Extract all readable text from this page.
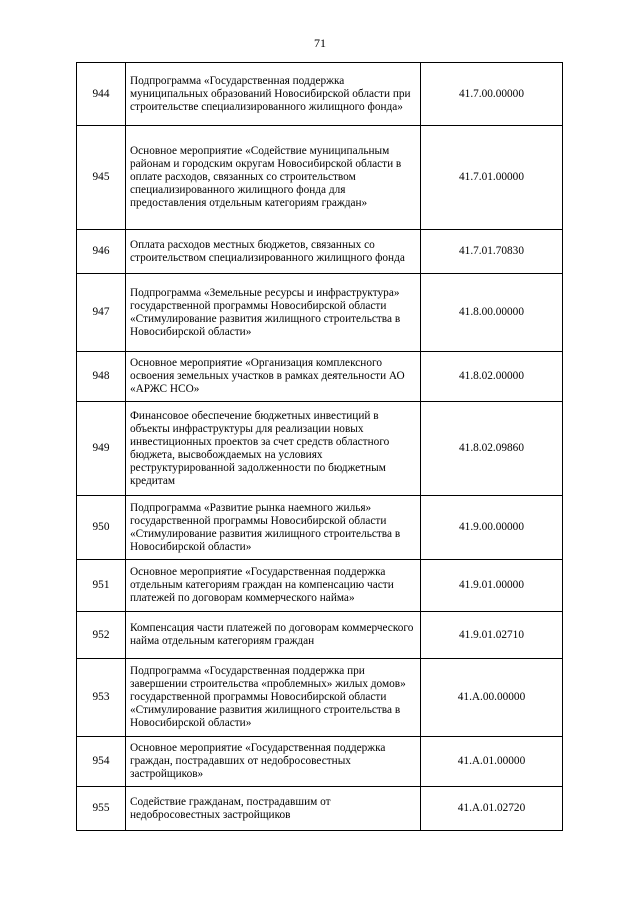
71
944	Подпрограмма «Государственная поддержка муниципальных образований Новосибирской области при строительстве специализированного жилищного фонда»	41.7.00.00000
945	Основное мероприятие «Содействие муниципальным районам и городским округам Новосибирской области в оплате расходов, связанных со строительством специализированного жилищного фонда для предоставления отдельным категориям граждан»	41.7.01.00000
946	Оплата расходов местных бюджетов, связанных со строительством специализированного жилищного фонда	41.7.01.70830
947	Подпрограмма «Земельные ресурсы и инфраструктура» государственной программы Новосибирской области «Стимулирование развития жилищного строительства в Новосибирской области»	41.8.00.00000
948	Основное мероприятие «Организация комплексного освоения земельных участков в рамках деятельности АО «АРЖС НСО»	41.8.02.00000
949	Финансовое обеспечение бюджетных инвестиций в объекты инфраструктуры для реализации новых инвестиционных проектов за счет средств областного бюджета, высвобождаемых на условиях реструктурированной задолженности по бюджетным кредитам	41.8.02.09860
950	Подпрограмма «Развитие рынка наемного жилья» государственной программы Новосибирской области «Стимулирование развития жилищного строительства в Новосибирской области»	41.9.00.00000
951	Основное мероприятие «Государственная поддержка отдельным категориям граждан на компенсацию части платежей по договорам коммерческого найма»	41.9.01.00000
952	Компенсация части платежей по договорам коммерческого найма отдельным категориям граждан	41.9.01.02710
953	Подпрограмма «Государственная поддержка при завершении строительства «проблемных» жилых домов» государственной программы Новосибирской области «Стимулирование развития жилищного строительства в Новосибирской области»	41.А.00.00000
954	Основное мероприятие «Государственная поддержка граждан, пострадавших от недобросовестных застройщиков»	41.А.01.00000
955	Содействие гражданам, пострадавшим от недобросовестных застройщиков	41.А.01.02720
